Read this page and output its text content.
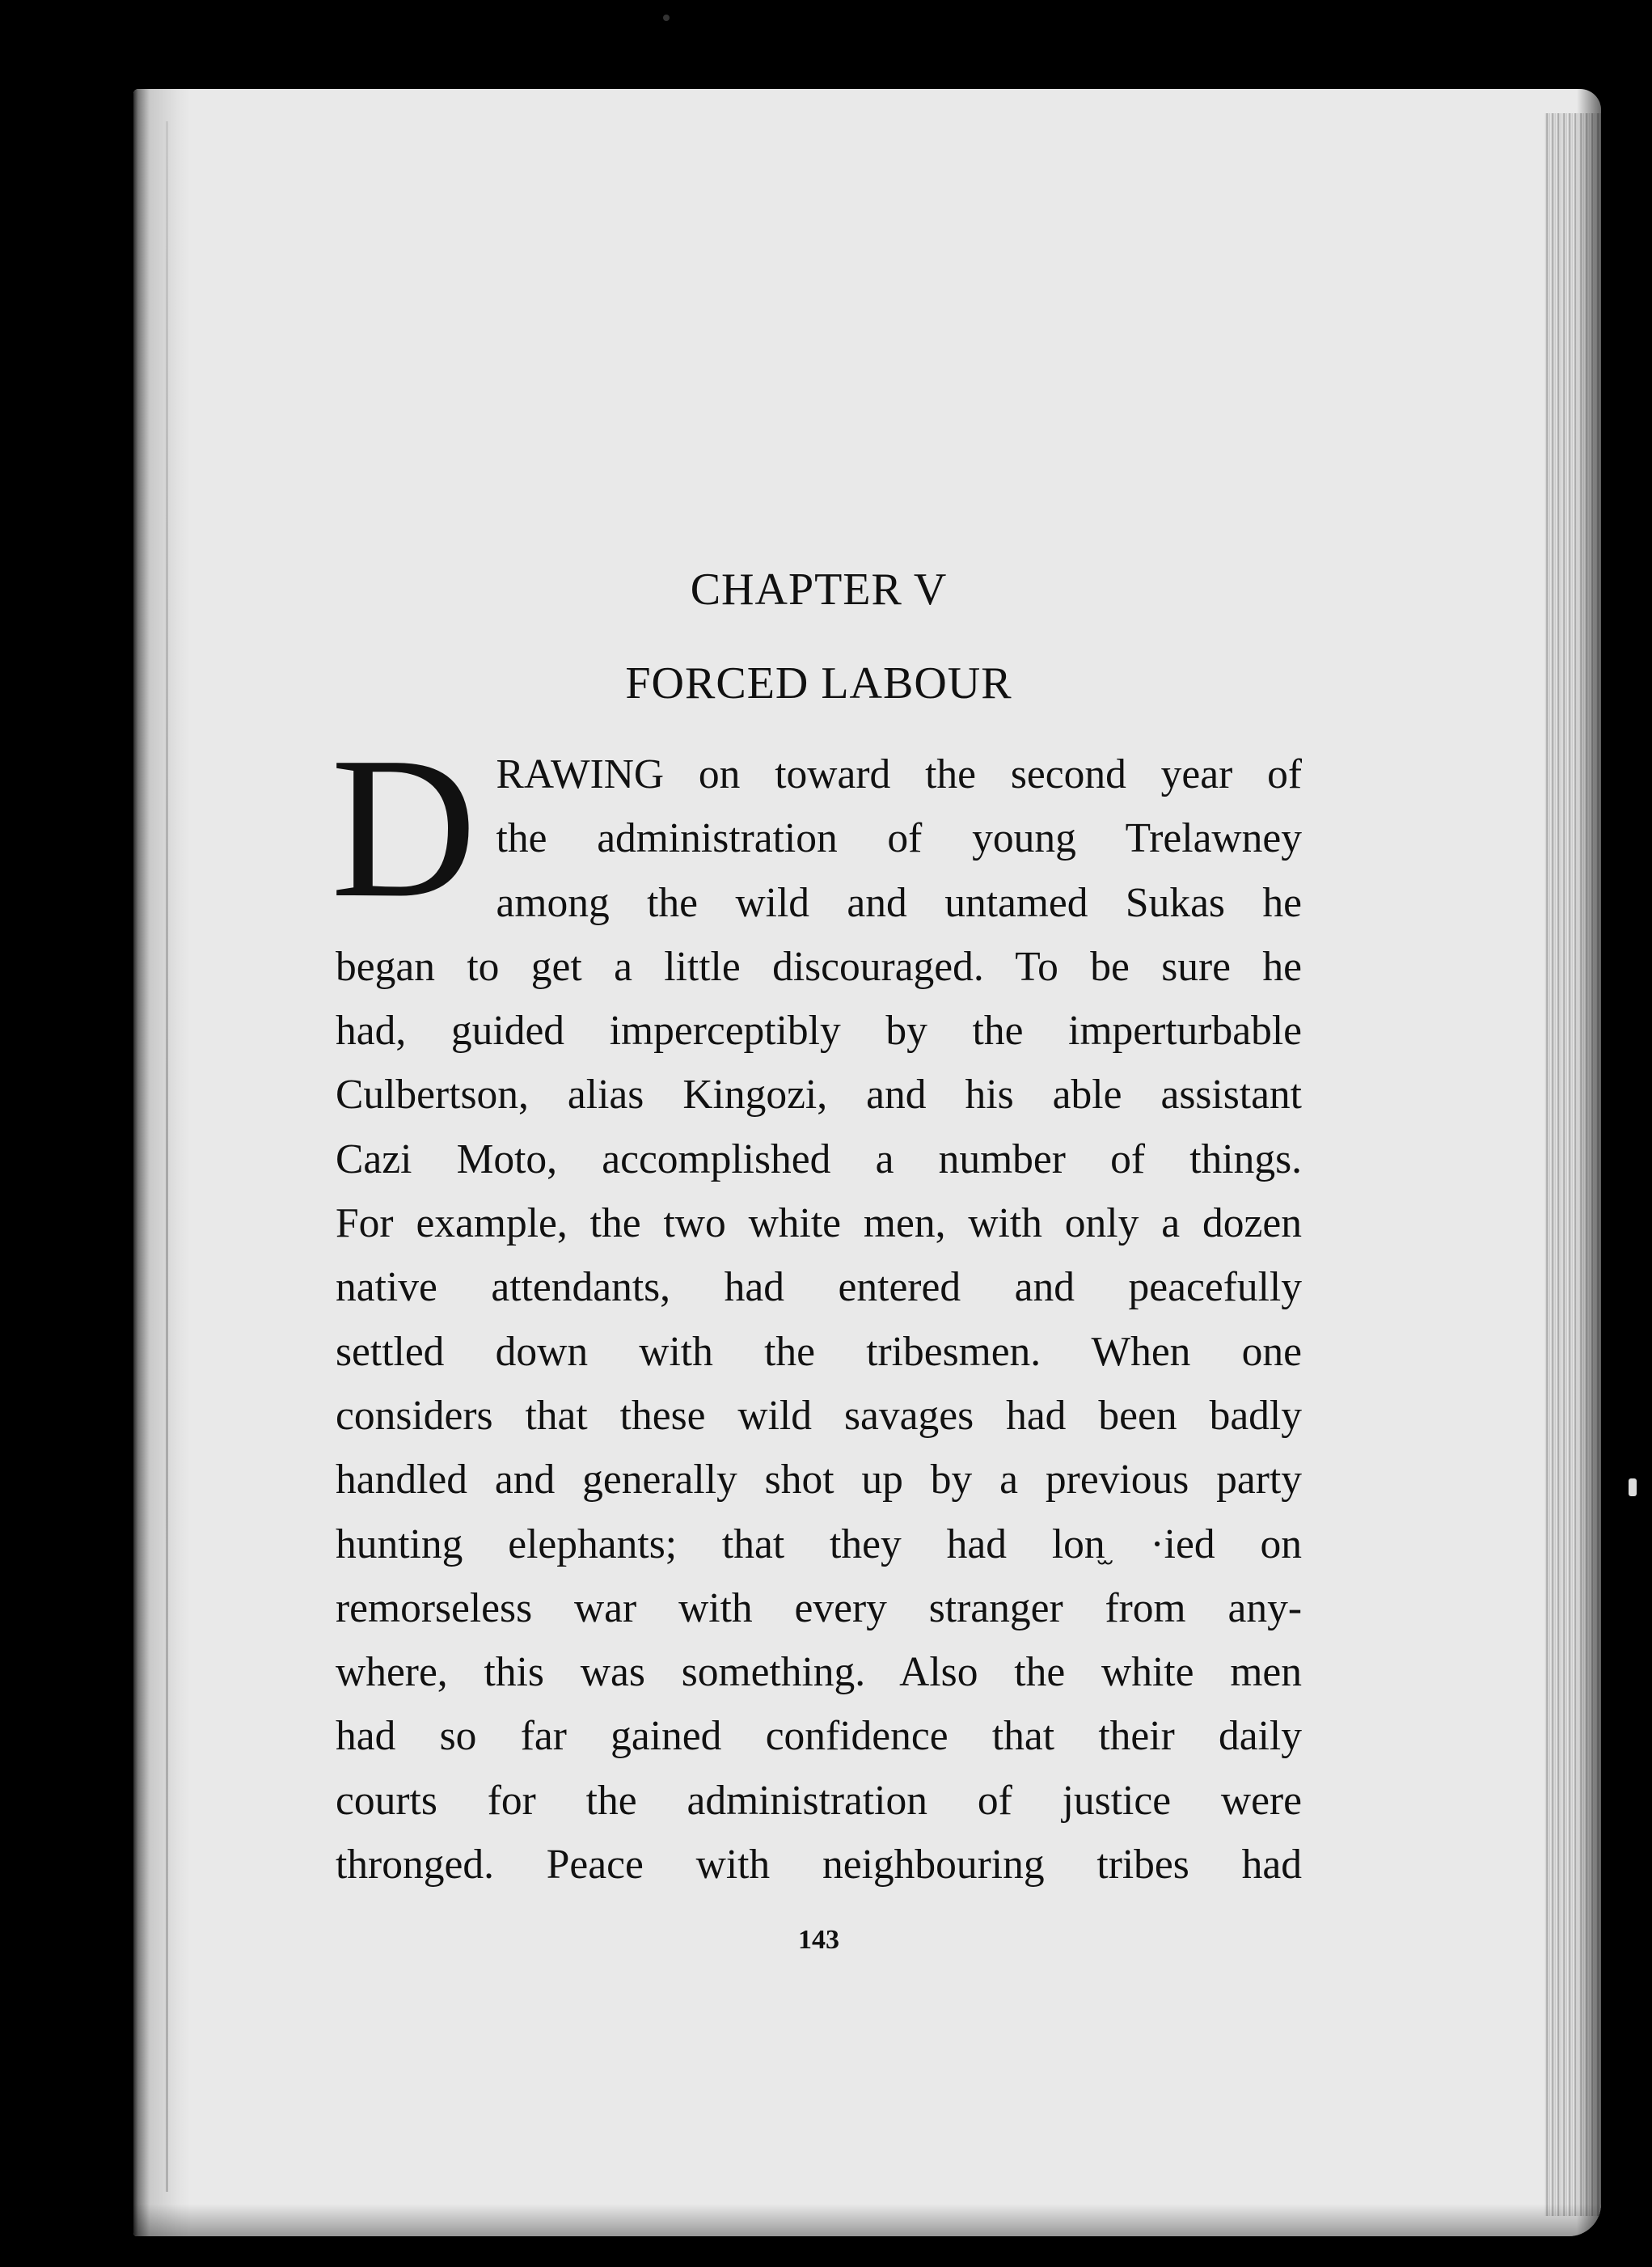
CHAPTER V
FORCED LABOUR
D RAWING on toward the second year of
the administration of young Trelawney
among the wild and untamed Sukas he
began to get a little discouraged. To be sure he
had, guided imperceptibly by the imperturbable
Culbertson, alias Kingozi, and his able assistant
Cazi Moto, accomplished a number of things.
For example, the two white men, with only a dozen
native attendants, had entered and peacefully
settled down with the tribesmen. When one
considers that these wild savages had been badly
handled and generally shot up by a previous party
hunting elephants; that they had lon̫ ·ied on
remorseless war with every stranger from any-
where, this was something. Also the white men
had so far gained confidence that their daily
courts for the administration of justice were
thronged. Peace with neighbouring tribes had
143
